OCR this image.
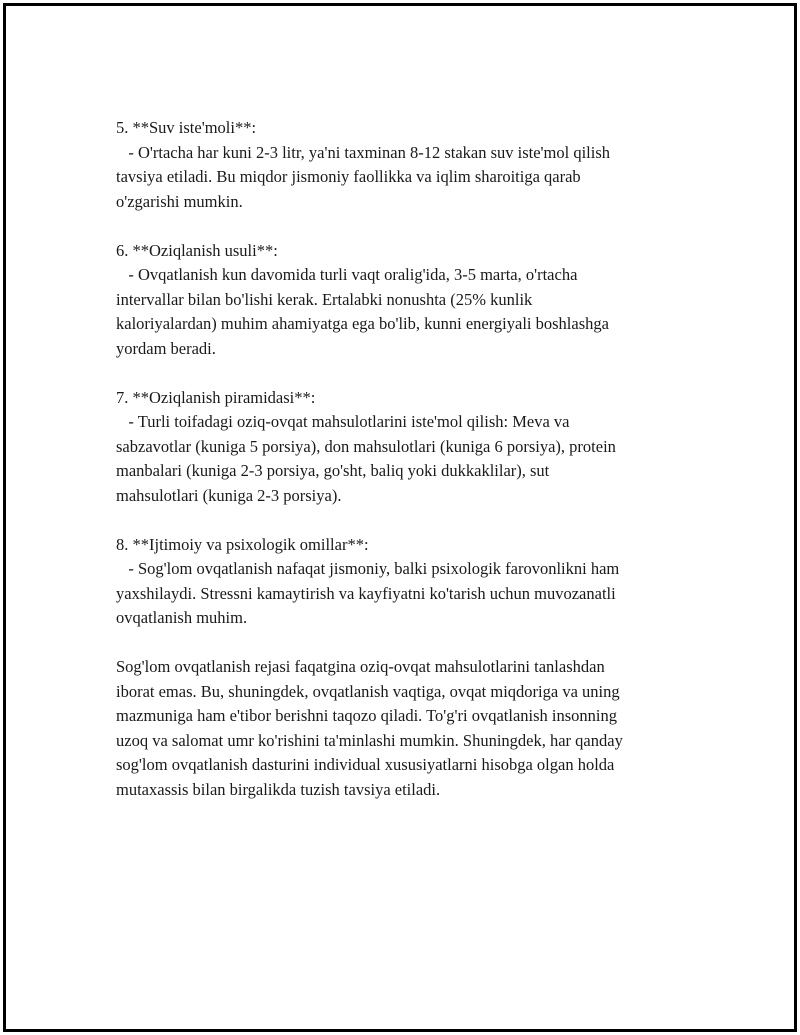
5. **Suv iste'moli**:
- O'rtacha har kuni 2-3 litr, ya'ni taxminan 8-12 stakan suv iste'mol qilish
tavsiya etiladi. Bu miqdor jismoniy faollikka va iqlim sharoitiga qarab
o'zgarishi mumkin.
6. **Oziqlanish usuli**:
- Ovqatlanish kun davomida turli vaqt oralig'ida, 3-5 marta, o'rtacha
intervallar bilan bo'lishi kerak. Ertalabki nonushta (25% kunlik
kaloriyalardan) muhim ahamiyatga ega bo'lib, kunni energiyali boshlashga
yordam beradi.
7. **Oziqlanish piramidasi**:
- Turli toifadagi oziq-ovqat mahsulotlarini iste'mol qilish: Meva va
sabzavotlar (kuniga 5 porsiya), don mahsulotlari (kuniga 6 porsiya), protein
manbalari (kuniga 2-3 porsiya, go'sht, baliq yoki dukkaklilar), sut
mahsulotlari (kuniga 2-3 porsiya).
8. **Ijtimoiy va psixologik omillar**:
- Sog'lom ovqatlanish nafaqat jismoniy, balki psixologik farovonlikni ham
yaxshilaydi. Stressni kamaytirish va kayfiyatni ko'tarish uchun muvozanatli
ovqatlanish muhim.
Sog'lom ovqatlanish rejasi faqatgina oziq-ovqat mahsulotlarini tanlashdan
iborat emas. Bu, shuningdek, ovqatlanish vaqtiga, ovqat miqdoriga va uning
mazmuniga ham e'tibor berishni taqozo qiladi. To'g'ri ovqatlanish insonning
uzoq va salomat umr ko'rishini ta'minlashi mumkin. Shuningdek, har qanday
sog'lom ovqatlanish dasturini individual xususiyatlarni hisobga olgan holda
mutaxassis bilan birgalikda tuzish tavsiya etiladi.
